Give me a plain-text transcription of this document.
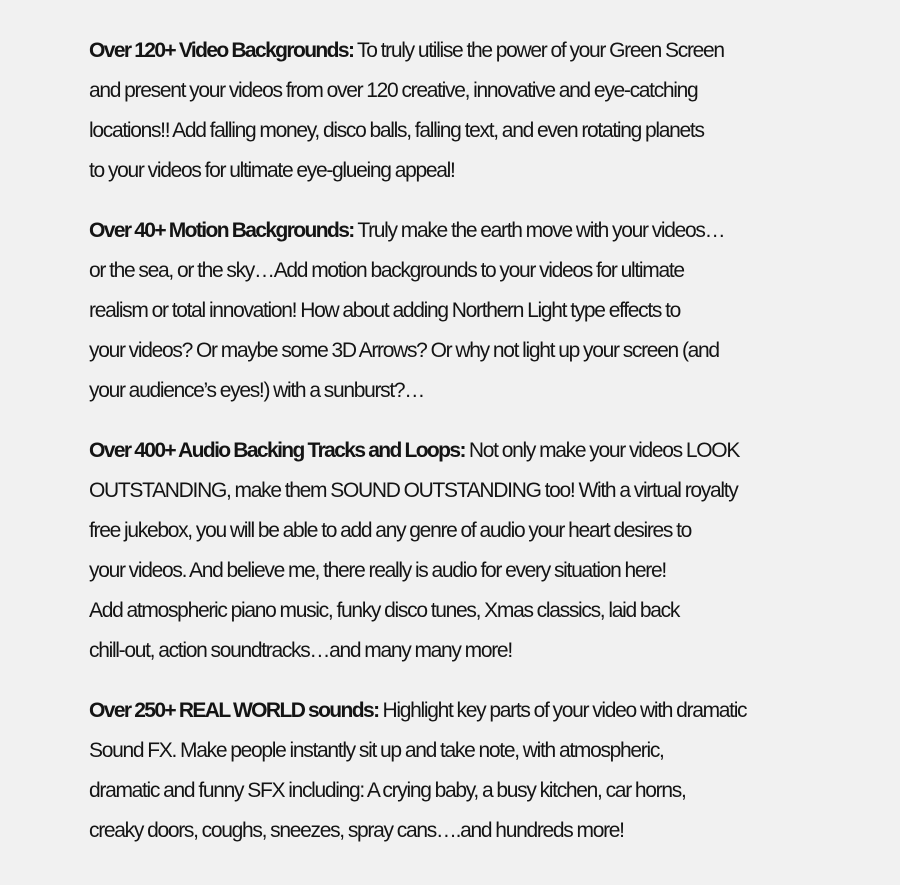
Over 120+ Video Backgrounds: To truly utilise the power of your Green Screen
and present your videos from over 120 creative, innovative and eye-catching
locations!! Add falling money, disco balls, falling text, and even rotating planets
to your videos for ultimate eye-glueing appeal!

Over 40+ Motion Backgrounds: Truly make the earth move with your videos…
or the sea, or the sky…Add motion backgrounds to your videos for ultimate
realism or total innovation! How about adding Northern Light type effects to
your videos? Or maybe some 3D Arrows? Or why not light up your screen (and
your audience’s eyes!) with a sunburst?…

Over 400+ Audio Backing Tracks and Loops: Not only make your videos LOOK
OUTSTANDING, make them SOUND OUTSTANDING too! With a virtual royalty
free jukebox, you will be able to add any genre of audio your heart desires to
your videos. And believe me, there really is audio for every situation here!
Add atmospheric piano music, funky disco tunes, Xmas classics, laid back
chill-out, action soundtracks…and many many more!

Over 250+ REAL WORLD sounds: Highlight key parts of your video with dramatic
Sound FX. Make people instantly sit up and take note, with atmospheric,
dramatic and funny SFX including: A crying baby, a busy kitchen, car horns,
creaky doors, coughs, sneezes, spray cans….and hundreds more!
